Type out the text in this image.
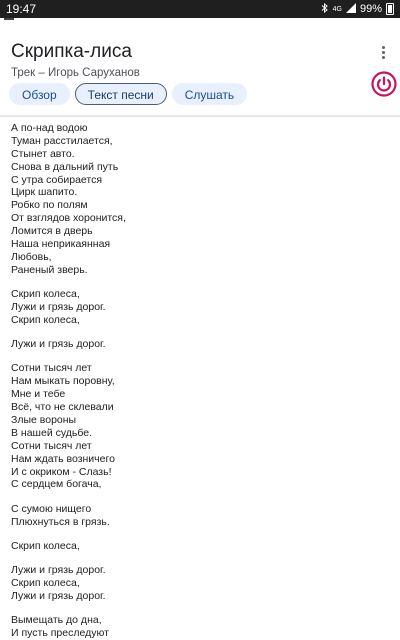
19:47	4G 99%
Скрипка-лиса
Трек – Игорь Саруханов
Обзор	Текст песни	Слушать
А по-над водою
Туман расстилается,
Стынет авто.
Снова в дальний путь
С утра собирается
Цирк шапито.
Робко по полям
От взглядов хоронится,
Ломится в дверь
Наша неприкаянная
Любовь,
Раненый зверь.
Скрип колеса,
Лужи и грязь дорог.
Скрип колеса,
Лужи и грязь дорог.
Сотни тысяч лет
Нам мыкать поровну,
Мне и тебе
Всё, что не склевали
Злые вороны
В нашей судьбе.
Сотни тысяч лет
Нам ждать возничего
И с окриком - Слазь!
С сердцем богача,
С сумою нищего
Плюхнуться в грязь.
Скрип колеса,
Лужи и грязь дорог.
Скрип колеса,
Лужи и грязь дорог.
Вымещать до дна,
И пусть преследуют
